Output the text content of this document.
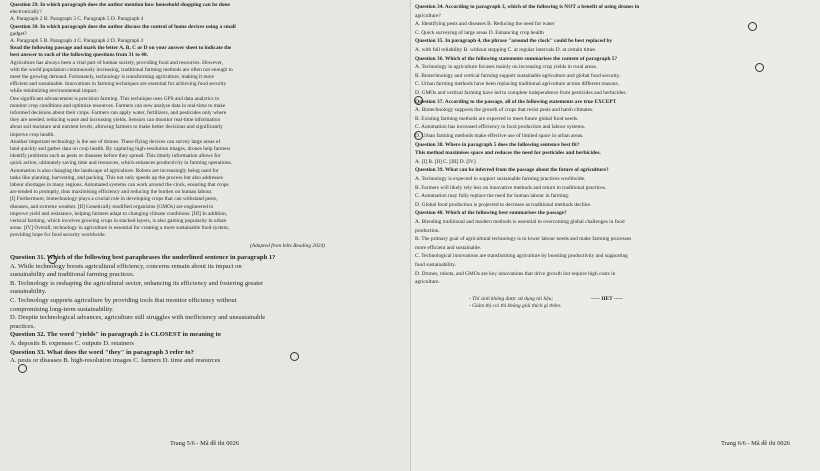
Question 29. In which paragraph does the author mention how household shopping can be done
electronically?
A. Paragraph 2 B. Paragraph 3 C. Paragraph 5 D. Paragraph 4
Question 30. In which paragraph does the author discuss the control of home devices using a small
gadget?
A. Paragraph 5 B. Paragraph 4 C. Paragraph 2 D. Paragraph 3
Read the following passage and mark the letter A, B, C or D on your answer sheet to indicate the
best answer to each of the following questions from 31 to 40.
Agriculture has always been a vital part of human society, providing food and resources. However,
with the world population continuously increasing, traditional farming methods are often not enough to
meet the growing demand. Fortunately, technology is transforming agriculture, making it more
efficient and sustainable. Innovations in farming techniques are essential for achieving food security
while minimizing environmental impact.
One significant advancement is precision farming. This technique uses GPS and data analytics to
monitor crop conditions and optimize resources. Farmers can now analyse data in real-time to make
informed decisions about their crops. Farmers can apply water, fertilizers, and pesticides only where
they are needed, reducing waste and increasing yields. Sensors can monitor real-time information
about soil moisture and nutrient levels, allowing farmers to make better decisions and significantly
improve crop health.
Another important technology is the use of drones. These flying devices can survey large areas of
land quickly and gather data on crop health. By capturing high-resolution images, drones help farmers
identify problems such as pests or diseases before they spread. This timely information allows for
quick action, ultimately saving time and resources, which enhances productivity in farming operations.
Automation is also changing the landscape of agriculture. Robots are increasingly being used for
tasks like planting, harvesting, and packing. This not only speeds up the process but also addresses
labour shortages in many regions. Automated systems can work around the clock, ensuring that crops
are tended to promptly, thus maximising efficiency and reducing the burden on human labour.
[I] Furthermore, biotechnology plays a crucial role in developing crops that can withstand pests,
diseases, and extreme weather. [II] Genetically modified organisms (GMOs) are engineered to
improve yield and resistance, helping farmers adapt to changing climate conditions. [III] In addition,
vertical farming, which involves growing crops in stacked layers, is also gaining popularity in urban
areas. [IV] Overall, technology in agriculture is essential for creating a more sustainable food system,
providing hope for food security worldwide.
(Adapted from Ielts Reading 2024)
Question 31. Which of the following best paraphrases the underlined sentence in paragraph 1?
A. While technology boosts agricultural efficiency, concerns remain about its impact on
sustainability and traditional farming practices.
B. Technology is reshaping the agricultural sector, enhancing its efficiency and fostering greater
sustainability.
C. Technology supports agriculture by providing tools that monitor efficiency without
compromising long-term sustainability.
D. Despite technological advances, agriculture still struggles with inefficiency and unsustainable
practices.
Question 32. The word "yields" in paragraph 2 is CLOSEST in meaning to
A. deposits B. expenses C. outputs D. retainers
Question 33. What does the word "they" in paragraph 3 refer to?
A. pests or diseases B. high-resolution images C. farmers D. time and resources
Trang 5/6 - Mã đề thi 0026
Question 34. According to paragraph 3, which of the following is NOT a benefit of using drones in
agriculture?
A. Identifying pests and diseases B. Reducing the need for water
C. Quick surveying of large areas D. Enhancing crop health
Question 35. In paragraph 4, the phrase "around the clock" could be best replaced by
A. with full reliability B. without stopping C. at regular intervals D. at certain times
Question 36. Which of the following statements summarises the content of paragraph 5?
A. Technology in agriculture focuses mainly on increasing crop yields in rural areas.
B. Biotechnology and vertical farming support sustainable agriculture and global food security.
C. Urban farming methods have been replacing traditional agriculture across different reasons.
D. GMOs and vertical farming have led to complete independence from pesticides and herbicides.
Question 37. According to the passage, all of the following statements are true EXCEPT
A. Biotechnology supports the growth of crops that resist pests and harsh climates.
B. Existing farming methods are expected to meet future global food needs.
C. Automation has increased efficiency in food production and labour systems.
D. Urban farming methods make effective use of limited space in urban areas.
Question 38. Where in paragraph 5 does the following sentence best fit?
This method maximises space and reduces the need for pesticides and herbicides.
A. [I] B. [II] C. [III] D. [IV]
Question 39. What can be inferred from the passage about the future of agriculture?
A. Technology is expected to support sustainable farming practices worldwide.
B. Farmers will likely rely less on innovative methods and return to traditional practices.
C. Automation may fully replace the need for human labour in farming.
D. Global food production is projected to decrease as traditional methods decline.
Question 40. Which of the following best summarises the passage?
A. Blending traditional and modern methods is essential to overcoming global challenges in food
production.
B. The primary goal of agricultural technology is to lower labour needs and make farming processes
more efficient and sustainable.
C. Technological innovations are transforming agriculture by boosting productivity and supporting
food sustainability.
D. Drones, robots, and GMOs are key innovations that drive growth but require high costs in
agriculture.
----- HẾT -----
- Thí sinh không được sử dụng tài liệu;
- Giám thị coi thi không giải thích gì thêm.
Trang 6/6 - Mã đề thi 0026
